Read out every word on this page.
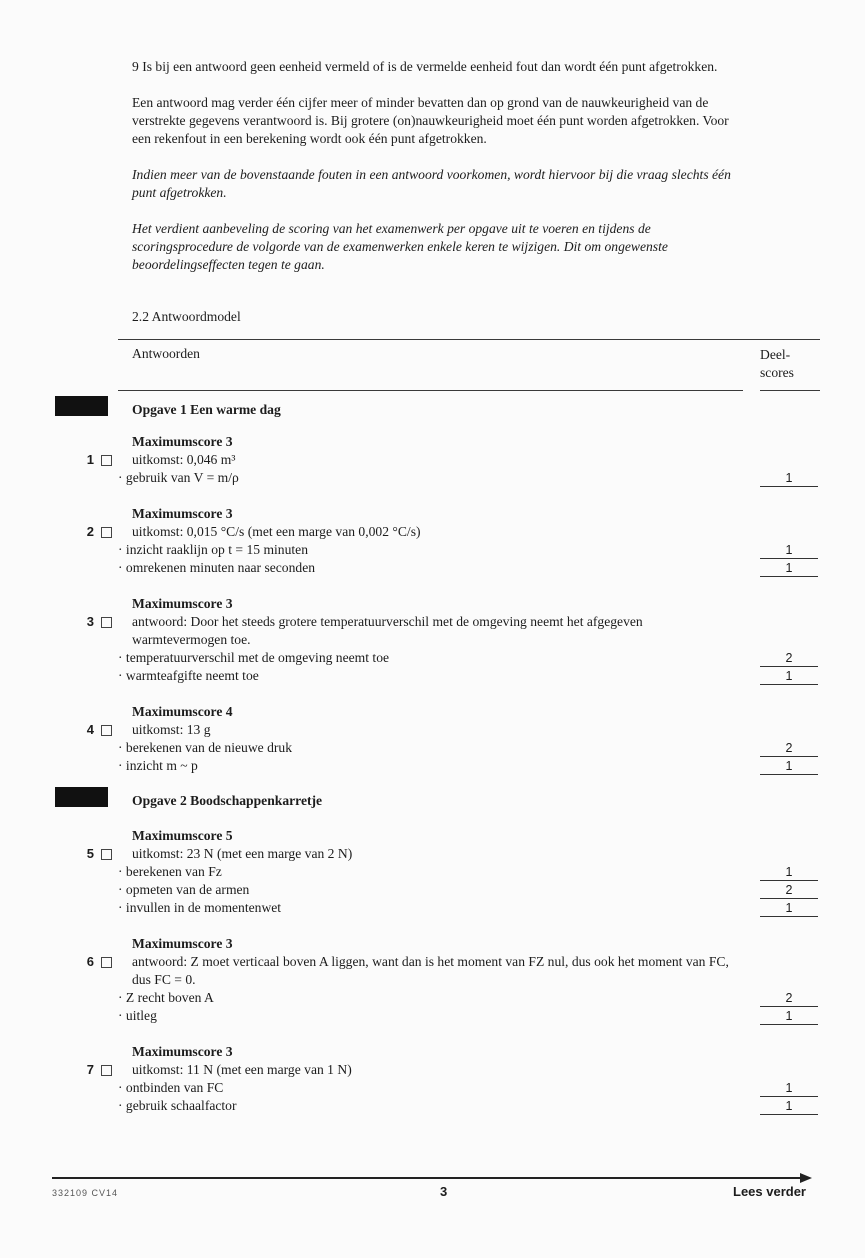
9 Is bij een antwoord geen eenheid vermeld of is de vermelde eenheid fout dan wordt één punt afgetrokken.
Een antwoord mag verder één cijfer meer of minder bevatten dan op grond van de nauwkeurigheid van de verstrekte gegevens verantwoord is. Bij grotere (on)nauwkeurigheid moet één punt worden afgetrokken. Voor een rekenfout in een berekening wordt ook één punt afgetrokken.
Indien meer van de bovenstaande fouten in een antwoord voorkomen, wordt hiervoor bij die vraag slechts één punt afgetrokken.
Het verdient aanbeveling de scoring van het examenwerk per opgave uit te voeren en tijdens de scoringsprocedure de volgorde van de examenwerken enkele keren te wijzigen. Dit om ongewenste beoordelingseffecten tegen te gaan.
2.2 Antwoordmodel
Antwoorden	Deel-
scores
Opgave 1 Een warme dag
Maximumscore 3
1	uitkomst: 0,046 m³
· gebruik van V = m/ρ	1
Maximumscore 3
2	uitkomst: 0,015 °C/s (met een marge van 0,002 °C/s)
· inzicht raaklijn op t = 15 minuten	1
· omrekenen minuten naar seconden	1
Maximumscore 3
3	antwoord: Door het steeds grotere temperatuurverschil met de omgeving neemt het afgegeven warmtevermogen toe.
· temperatuurverschil met de omgeving neemt toe	2
· warmteafgifte neemt toe	1
Maximumscore 4
4	uitkomst: 13 g
· berekenen van de nieuwe druk	2
· inzicht m ~ p	1
Opgave 2 Boodschappenkarretje
Maximumscore 5
5	uitkomst: 23 N (met een marge van 2 N)
· berekenen van Fz	1
· opmeten van de armen	2
· invullen in de momentenwet	1
Maximumscore 3
6	antwoord: Z moet verticaal boven A liggen, want dan is het moment van FZ nul, dus ook het moment van FC, dus FC = 0.
· Z recht boven A	2
· uitleg	1
Maximumscore 3
7	uitkomst: 11 N (met een marge van 1 N)
· ontbinden van FC	1
· gebruik schaalfactor	1
332109 CV14	3	Lees verder
